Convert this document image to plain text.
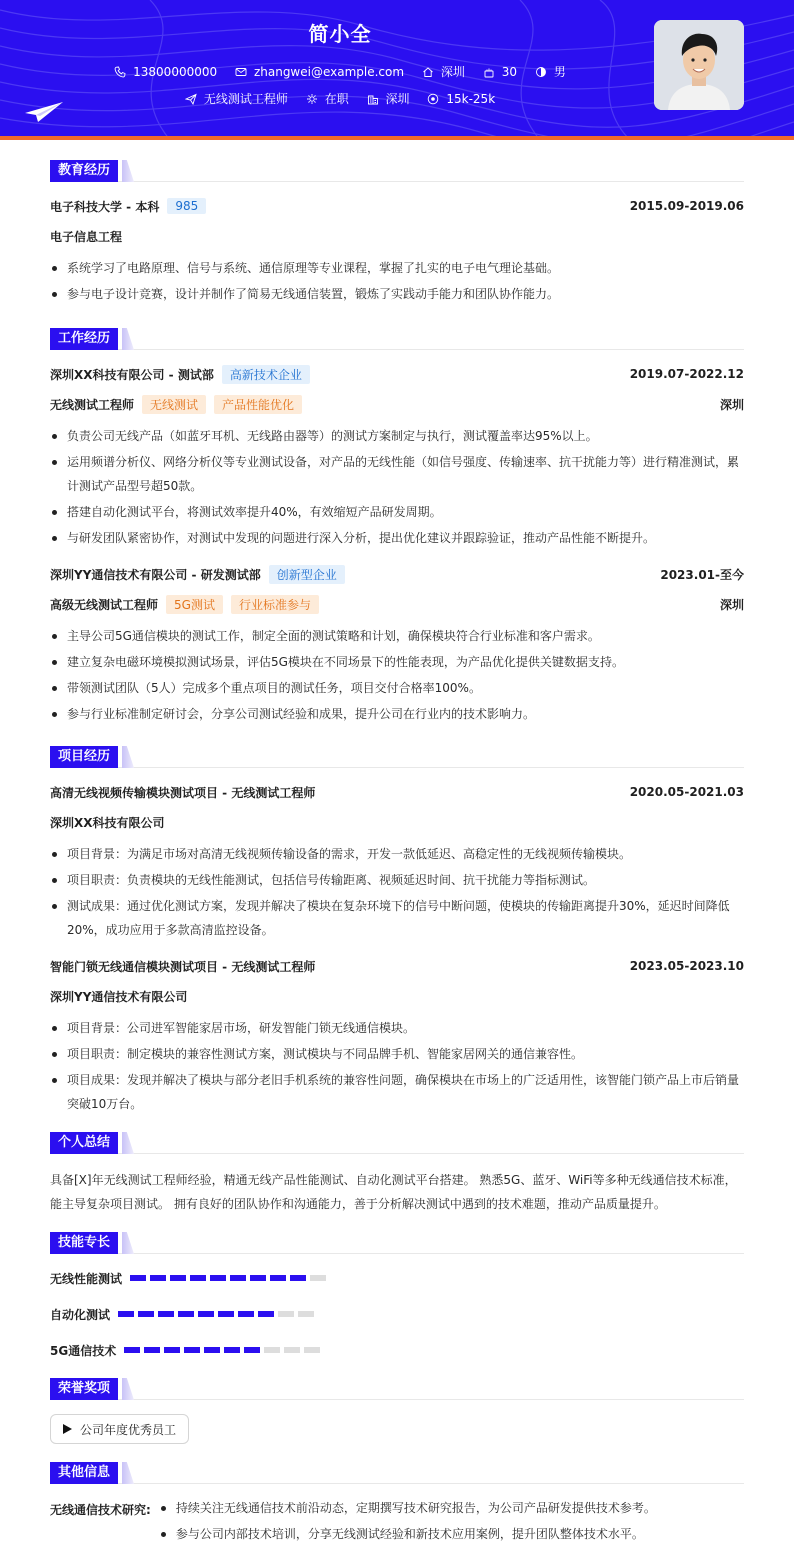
简小全
13800000000
	zhangwei@example.com
	深圳
	30
	男
无线测试工程师
	在职
	深圳
	15k-25k
教育经历
电子科技大学 - 本科	985	2015.09-2019.06
电子信息工程
系统学习了电路原理、信号与系统、通信原理等专业课程，掌握了扎实的电子电气理论基础。
参与电子设计竞赛，设计并制作了简易无线通信装置，锻炼了实践动手能力和团队协作能力。
工作经历
深圳XX科技有限公司 - 测试部	高新技术企业	2019.07-2022.12
无线测试工程师	无线测试	产品性能优化	深圳
负责公司无线产品（如蓝牙耳机、无线路由器等）的测试方案制定与执行，测试覆盖率达95%以上。
运用频谱分析仪、网络分析仪等专业测试设备，对产品的无线性能（如信号强度、传输速率、抗干扰能力等）进行精准测试，累计测试产品型号超50款。
搭建自动化测试平台，将测试效率提升40%，有效缩短产品研发周期。
与研发团队紧密协作，对测试中发现的问题进行深入分析，提出优化建议并跟踪验证，推动产品性能不断提升。
深圳YY通信技术有限公司 - 研发测试部	创新型企业	2023.01-至今
高级无线测试工程师	5G测试	行业标准参与	深圳
主导公司5G通信模块的测试工作，制定全面的测试策略和计划，确保模块符合行业标准和客户需求。
建立复杂电磁环境模拟测试场景，评估5G模块在不同场景下的性能表现，为产品优化提供关键数据支持。
带领测试团队（5人）完成多个重点项目的测试任务，项目交付合格率100%。
参与行业标准制定研讨会，分享公司测试经验和成果，提升公司在行业内的技术影响力。
项目经历
高清无线视频传输模块测试项目 - 无线测试工程师	2020.05-2021.03
深圳XX科技有限公司
项目背景：为满足市场对高清无线视频传输设备的需求，开发一款低延迟、高稳定性的无线视频传输模块。
项目职责：负责模块的无线性能测试，包括信号传输距离、视频延迟时间、抗干扰能力等指标测试。
测试成果：通过优化测试方案，发现并解决了模块在复杂环境下的信号中断问题，使模块的传输距离提升30%，延迟时间降低20%，成功应用于多款高清监控设备。
智能门锁无线通信模块测试项目 - 无线测试工程师	2023.05-2023.10
深圳YY通信技术有限公司
项目背景：公司进军智能家居市场，研发智能门锁无线通信模块。
项目职责：制定模块的兼容性测试方案，测试模块与不同品牌手机、智能家居网关的通信兼容性。
项目成果：发现并解决了模块与部分老旧手机系统的兼容性问题，确保模块在市场上的广泛适用性，该智能门锁产品上市后销量突破10万台。
个人总结
具备[X]年无线测试工程师经验，精通无线产品性能测试、自动化测试平台搭建。 熟悉5G、蓝牙、WiFi等多种无线通信技术标准，能主导复杂项目测试。 拥有良好的团队协作和沟通能力，善于分析解决测试中遇到的技术难题，推动产品质量提升。
技能专长
无线性能测试
自动化测试
5G通信技术
荣誉奖项
公司年度优秀员工
其他信息
无线通信技术研究:	持续关注无线通信技术前沿动态，定期撰写技术研究报告，为公司产品研发提供技术参考。
参与公司内部技术培训，分享无线测试经验和新技术应用案例，提升团队整体技术水平。
